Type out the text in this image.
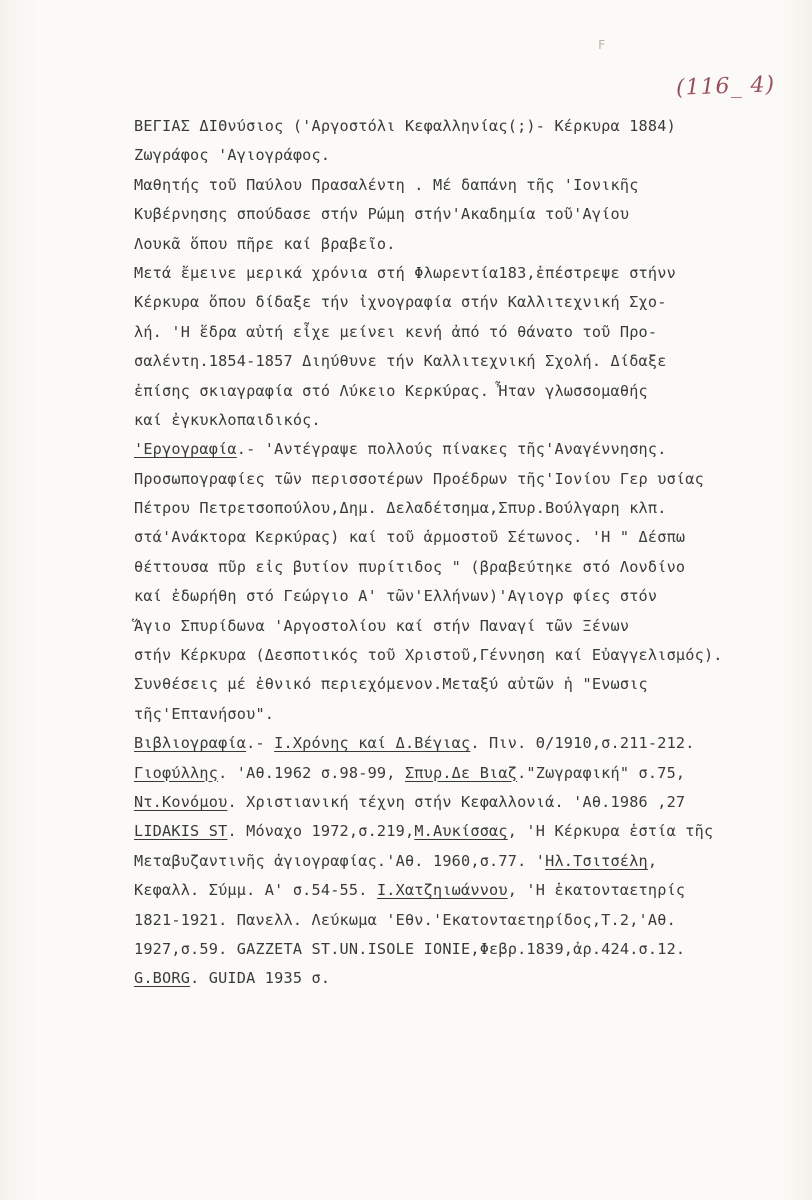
F
(116_ 4)
ΒΕΓΙΑΣ ΔΙΘνύσιος ('Αργοστόλι Κεφαλληνίας(;)- Κέρκυρα 1884)
Ζωγράφος 'Αγιογράφος.
Μαθητής τοῦ Παύλου Πρασαλέντη . Μέ δαπάνη τῆς 'Ιονικῆς
Κυβέρνησης σπούδασε στήν Ρώμη στήν'Ακαδημία τοῦ'Αγίου
Λουκᾶ ὅπου πῆρε καί βραβεῖο.
Μετά ἔμεινε μερικά χρόνια στή Φλωρεντία183,ἐπέστρεψε στήνν
Κέρκυρα ὅπου δίδαξε τήν ἰχνογραφία στήν Καλλιτεχνική Σχο-
λή. 'Η ἕδρα αὐτή εἶχε μείνει κενή ἀπό τό θάνατο τοῦ Προ-
σαλέντη.1854-1857 Διηύθυνε τήν Καλλιτεχνική Σχολή. Δίδαξε
ἐπίσης σκιαγραφία στό Λύκειο Κερκύρας. Ἦταν γλωσσομαθής
καί ἐγκυκλοπαιδικός.
'Εργογραφία.- 'Αντέγραψε πολλούς πίνακες τῆς'Αναγέννησης.
Προσωπογραφίες τῶν περισσοτέρων Προέδρων τῆς'Ιονίου Γερ υσίας
Πέτρου Πετρετσοπούλου,Δημ. Δελαδέτσημα,Σπυρ.Βούλγαρη κλπ.
στά'Ανάκτορα Κερκύρας) καί τοῦ ἁρμοστοῦ Σέτωνος. 'Η " Δέσπω
θέττουσα πῦρ εἰς βυτίον πυρίτιδος " (βραβεύτηκε στό Λονδίνο
καί ἐδωρήθη στό Γεώργιο Α' τῶν'Ελλήνων)'Αγιογρ φίες στόν
Ἅγιο Σπυρίδωνα 'Αργοστολίου καί στήν Παναγί τῶν Ξένων
στήν Κέρκυρα (Δεσποτικός τοῦ Χριστοῦ,Γέννηση καί Εὐαγγελισμός).
Συνθέσεις μέ ἐθνικό περιεχόμενον.Μεταξύ αὐτῶν ἡ "Ενωσις
τῆς'Επτανήσου".
Βιβλιογραφία.- Ι.Χρόνης καί Δ.Βέγιας. Πιν. Θ/1910,σ.211-212.
Γιοφύλλης. 'Αθ.1962 σ.98-99, Σπυρ.Δε Βιαζ."Ζωγραφική" σ.75,
Ντ.Κονόμου. Χριστιανική τέχνη στήν Κεφαλλονιά. 'Αθ.1986 ,27
LIDAKIS ST. Μόναχο 1972,σ.219,Μ.Αυκίσσας, 'Η Κέρκυρα ἑστία τῆς
Μεταβυζαντινῆς ἁγιογραφίας.'Αθ. 1960,σ.77. 'Ηλ.Τσιτσέλη,
Κεφαλλ. Σύμμ. Α' σ.54-55. Ι.Χατζηιωάννου, 'Η ἑκατονταετηρίς
1821-1921. Πανελλ. Λεύκωμα 'Εθν.'Εκατονταετηρίδος,Τ.2,'Αθ.
1927,σ.59. GAZZETA ST.UN.ISOLE IONIE,Φεβρ.1839,ἀρ.424.σ.12.
G.BORG. GUIDA 1935 σ.
